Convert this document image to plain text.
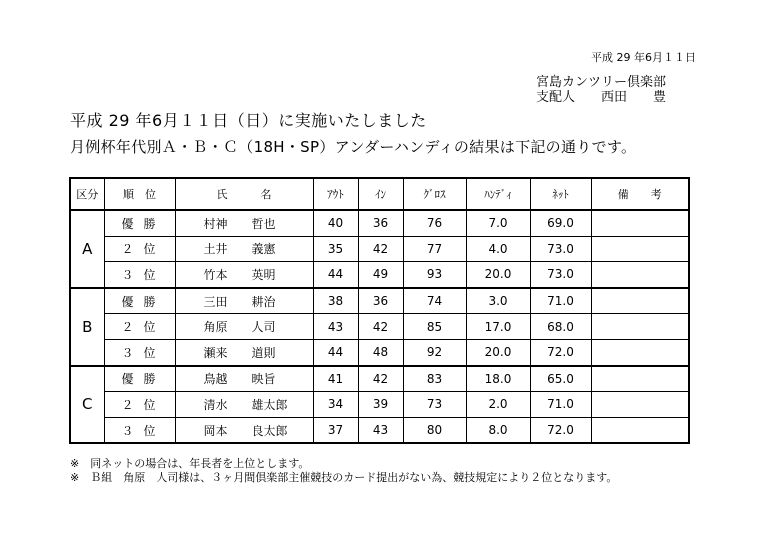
平成 29 年6月１１日
宮島カンツリー倶楽部
支配人　　西田　　豊
平成 29 年6月１１日（日）に実施いたしました
月例杯年代別Ａ・Ｂ・Ｃ（18H・SP）アンダーハンディの結果は下記の通りです。
区分	順　位	氏　　　名	ｱｳﾄ	ｲﾝ	ｸﾞﾛｽ	ﾊﾝﾃﾞｨ	ﾈｯﾄ	備　　考
A	優勝	村神　　哲也	40	36	76	7.0	69.0	
	２位	土井　　義憲	35	42	77	4.0	73.0	
	３位	竹本　　英明	44	49	93	20.0	73.0	
B	優勝	三田　　耕治	38	36	74	3.0	71.0	
	２位	角原　　人司	43	42	85	17.0	68.0	
	３位	瀬来　　道則	44	48	92	20.0	72.0	
C	優勝	鳥越　　映旨	41	42	83	18.0	65.0	
	２位	清水　　雄太郎	34	39	73	2.0	71.0	
	３位	岡本　　良太郎	37	43	80	8.0	72.0	
※　同ネットの場合は、年長者を上位とします。
※　Ｂ組　角原　人司様は、３ヶ月間倶楽部主催競技のカード提出がない為、競技規定により２位となります。
